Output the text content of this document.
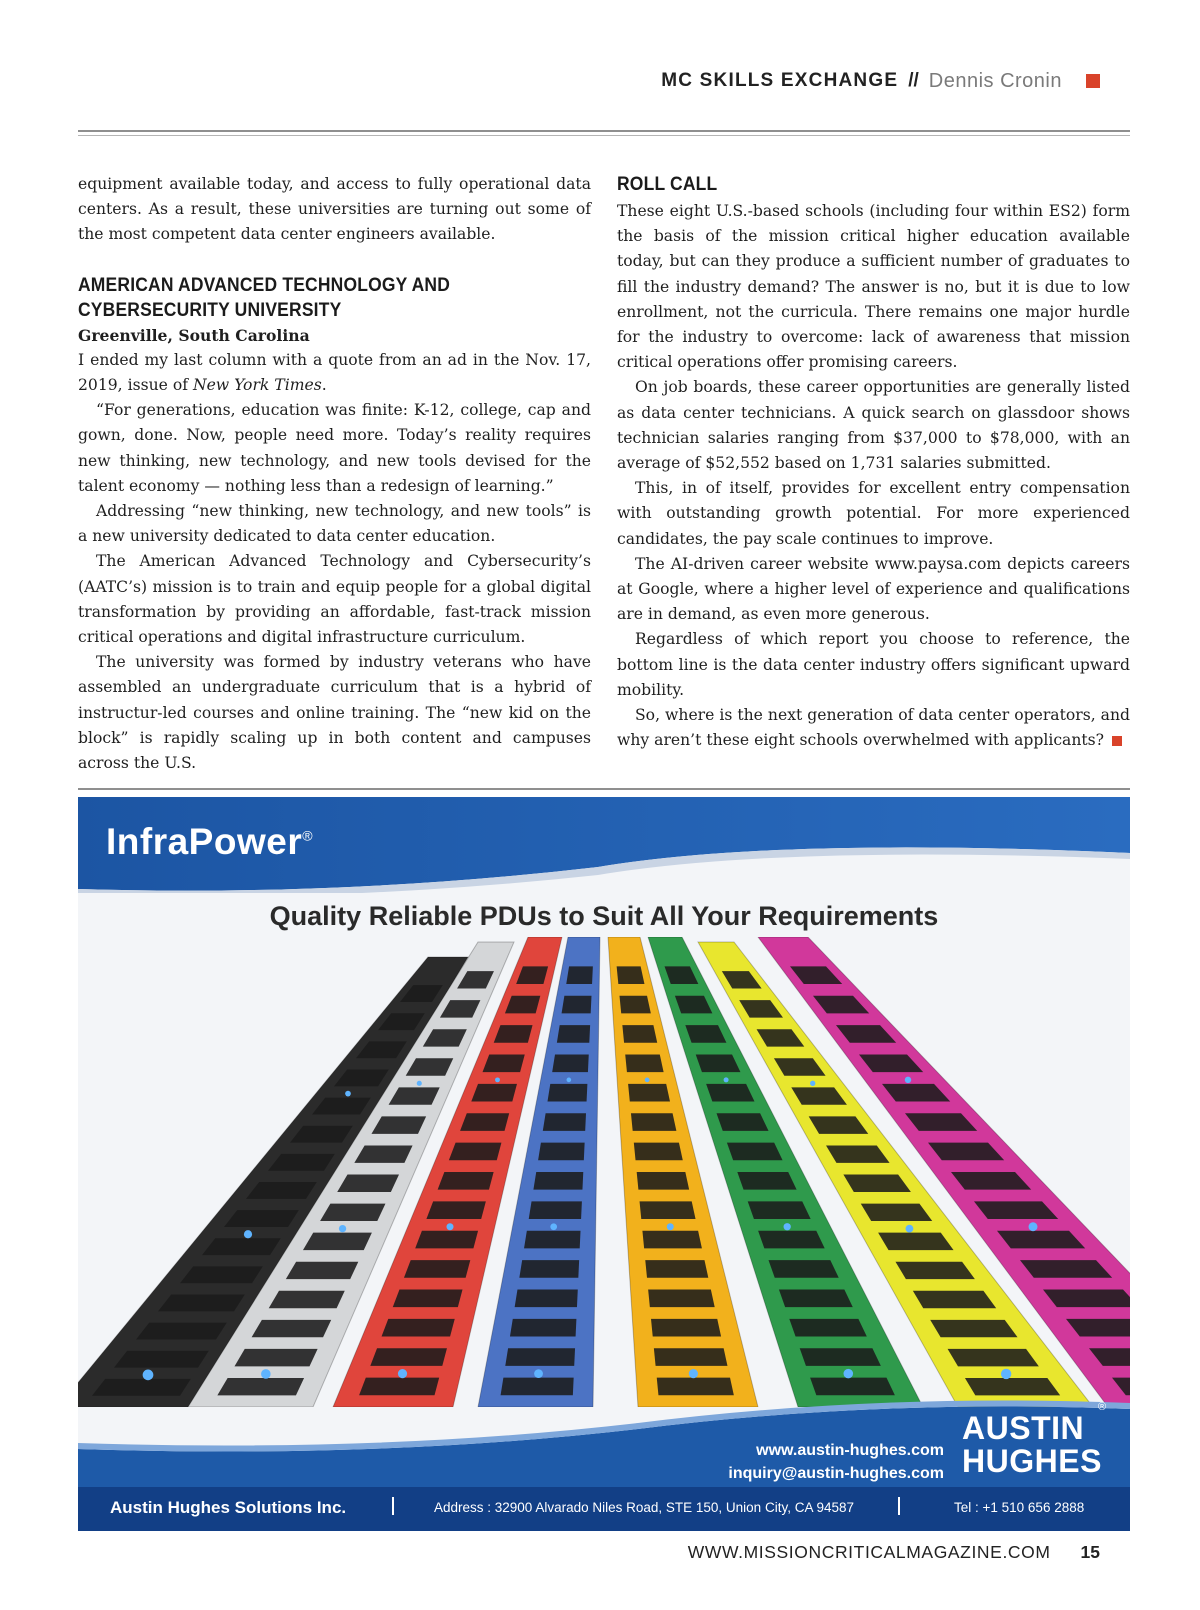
MC SKILLS EXCHANGE // Dennis Cronin

equipment available today, and access to fully operational data centers. As a result, these universities are turning out some of the most competent data center engineers available.

AMERICAN ADVANCED TECHNOLOGY AND CYBERSECURITY UNIVERSITY
Greenville, South Carolina

I ended my last column with a quote from an ad in the Nov. 17, 2019, issue of New York Times.

“For generations, education was finite: K-12, college, cap and gown, done. Now, people need more. Today’s reality requires new thinking, new technology, and new tools devised for the talent economy — nothing less than a redesign of learning.”

Addressing “new thinking, new technology, and new tools” is a new university dedicated to data center education.

The American Advanced Technology and Cybersecurity’s (AATC’s) mission is to train and equip people for a global digital transformation by providing an affordable, fast-track mission critical operations and digital infrastructure curriculum.

The university was formed by industry veterans who have assembled an undergraduate curriculum that is a hybrid of instructur-led courses and online training. The “new kid on the block” is rapidly scaling up in both content and campuses across the U.S.

ROLL CALL

These eight U.S.-based schools (including four within ES2) form the basis of the mission critical higher education available today, but can they produce a sufficient number of graduates to fill the industry demand? The answer is no, but it is due to low enrollment, not the curricula. There remains one major hurdle for the industry to overcome: lack of awareness that mission critical operations offer promising careers.

On job boards, these career opportunities are generally listed as data center technicians. A quick search on glassdoor shows technician salaries ranging from $37,000 to $78,000, with an average of $52,552 based on 1,731 salaries submitted.

This, in of itself, provides for excellent entry compensation with outstanding growth potential. For more experienced candidates, the pay scale continues to improve.

The AI-driven career website www.paysa.com depicts careers at Google, where a higher level of experience and qualifications are in demand, as even more generous.

Regardless of which report you choose to reference, the bottom line is the data center industry offers significant upward mobility.

So, where is the next generation of data center operators, and why aren’t these eight schools overwhelmed with applicants?

InfraPower®
Quality Reliable PDUs to Suit All Your Requirements
www.austin-hughes.com
inquiry@austin-hughes.com
AUSTIN
HUGHES
®
Austin Hughes Solutions Inc.	Address : 32900 Alvarado Niles Road, STE 150, Union City, CA 94587	Tel : +1 510 656 2888
WWW.MISSIONCRITICALMAGAZINE.COM 15
